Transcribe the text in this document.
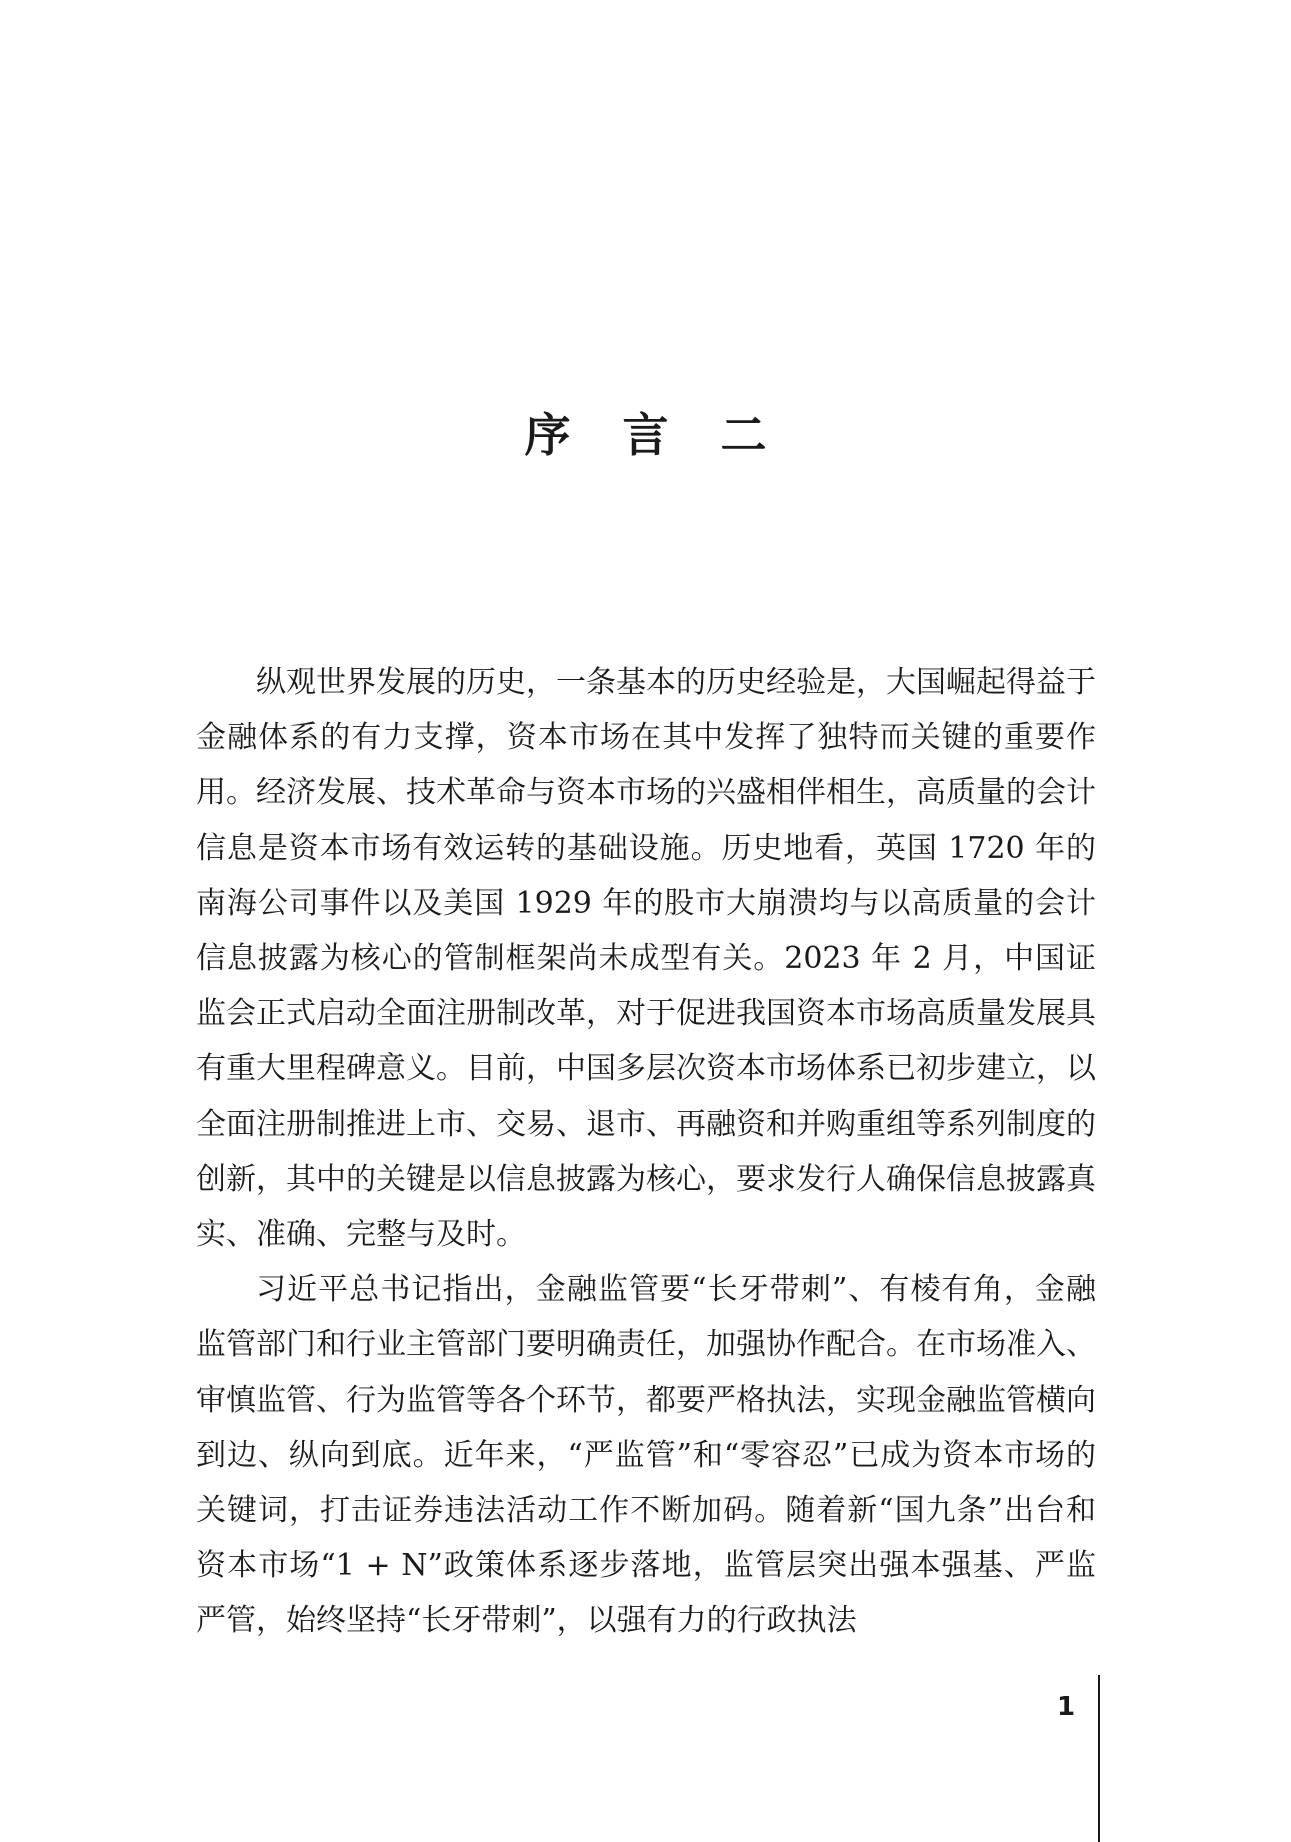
序言二

纵观世界发展的历史，一条基本的历史经验是，大国崛起得益于金融体系的有力支撑，资本市场在其中发挥了独特而关键的重要作用。经济发展、技术革命与资本市场的兴盛相伴相生，高质量的会计信息是资本市场有效运转的基础设施。历史地看，英国 1720 年的南海公司事件以及美国 1929 年的股市大崩溃均与以高质量的会计信息披露为核心的管制框架尚未成型有关。2023 年 2 月，中国证监会正式启动全面注册制改革，对于促进我国资本市场高质量发展具有重大里程碑意义。目前，中国多层次资本市场体系已初步建立，以全面注册制推进上市、交易、退市、再融资和并购重组等系列制度的创新，其中的关键是以信息披露为核心，要求发行人确保信息披露真实、准确、完整与及时。

习近平总书记指出，金融监管要“长牙带刺”、有棱有角，金融监管部门和行业主管部门要明确责任，加强协作配合。在市场准入、审慎监管、行为监管等各个环节，都要严格执法，实现金融监管横向到边、纵向到底。近年来，“严监管”和“零容忍”已成为资本市场的关键词，打击证券违法活动工作不断加码。随着新“国九条”出台和资本市场“1 + N”政策体系逐步落地，监管层突出强本强基、严监严管，始终坚持“长牙带刺”，以强有力的行政执法

1
